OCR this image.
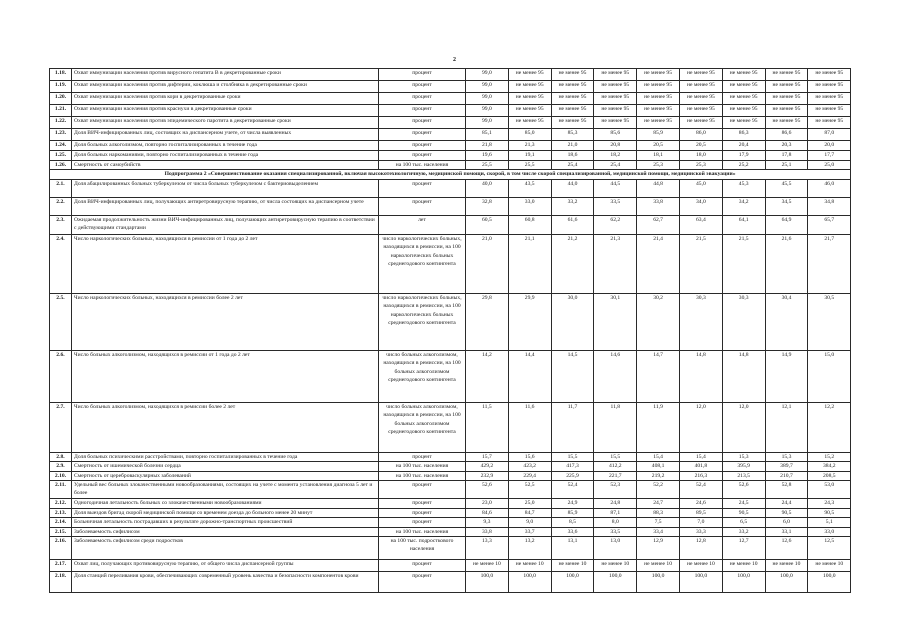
2
1.18.	Охват иммунизации населения против вирусного гепатита В в декретированные сроки	процент	99,0	не менее 95	не менее 95	не менее 95	не менее 95	не менее 95	не менее 95	не менее 95	не менее 95
1.19.	Охват иммунизации населения против дифтерии, коклюша и столбняка в декретированные сроки	процент	99,0	не менее 95	не менее 95	не менее 95	не менее 95	не менее 95	не менее 95	не менее 95	не менее 95
1.20.	Охват иммунизации населения против кори в декретированные сроки	процент	99,0	не менее 95	не менее 95	не менее 95	не менее 95	не менее 95	не менее 95	не менее 95	не менее 95
1.21.	Охват иммунизации населения против краснухи в декретированные сроки	процент	99,0	не менее 95	не менее 95	не менее 95	не менее 95	не менее 95	не менее 95	не менее 95	не менее 95
1.22.	Охват иммунизации населения против эпидемического паротита в декретированные сроки	процент	99,0	не менее 95	не менее 95	не менее 95	не менее 95	не менее 95	не менее 95	не менее 95	не менее 95
1.23.	Доля ВИЧ-инфицированных лиц, состоящих на диспансерном учете, от числа выявленных	процент	85,1	85,0	85,3	85,6	85,9	86,0	86,3	86,6	87,0
1.24.	Доля больных алкоголизмом, повторно госпитализированных в течение года	процент	21,8	21,3	21,0	20,8	20,5	20,5	20,4	20,3	20,0
1.25.	Доля больных наркоманиями, повторно госпитализированных в течение года	процент	19,6	19,1	18,6	18,2	18,1	18,0	17,9	17,8	17,7
1.26.	Смертность от самоубийств	на 100 тыс. населения	25,5	25,5	25,4	25,4	25,3	25,3	25,2	25,1	25,0
Подпрограмма 2 «Совершенствование оказания специализированной, включая высокотехнологичную, медицинской помощи, скорой, в том числе скорой специализированной, медицинской помощи, медицинской эвакуации»											
2.1.	Доля абацилированных больных туберкулезом от числа больных туберкулезом с бактериовыделением	процент	40,0	43,5	44,0	44,5	44,8	45,0	45,3	45,5	46,0
2.2.	Доля ВИЧ-инфицированных лиц, получающих антиретровирусную терапию, от числа состоящих на диспансерном учете	процент	32,8	33,0	33,2	33,5	33,8	34,0	34,2	34,5	34,8
2.3.	Ожидаемая продолжительность жизни ВИЧ-инфицированных лиц, получающих антиретровирусную терапию в соответствии с действующими стандартами	лет	60,5	60,8	61,6	62,2	62,7	63,4	64,1	64,9	65,7
2.4.	Число наркологических больных, находящихся в ремиссии от 1 года до 2 лет	число наркологических больных, находящихся в ремиссии, на 100 наркологических больных среднегодового контингента	21,0	21,1	21,2	21,3	21,4	21,5	21,5	21,6	21,7
2.5.	Число наркологических больных, находящихся в ремиссии более 2 лет	число наркологических больных, находящихся в ремиссии, на 100 наркологических больных среднегодового контингента	29,8	29,9	30,0	30,1	30,2	30,3	30,3	30,4	30,5
2.6.	Число больных алкоголизмом, находящихся в ремиссии от 1 года до 2 лет	число больных алкоголизмом, находящихся в ремиссии, на 100 больных алкоголизмом среднегодового контингента	14,2	14,4	14,5	14,6	14,7	14,8	14,8	14,9	15,0
2.7.	Число больных алкоголизмом, находящихся в ремиссии более 2 лет	число больных алкоголизмом, находящихся в ремиссии, на 100 больных алкоголизмом среднегодового контингента	11,5	11,6	11,7	11,8	11,9	12,0	12,0	12,1	12,2
2.8.	Доля больных психическими расстройствами, повторно госпитализированных в течение года	процент	15,7	15,6	15,5	15,5	15,4	15,4	15,3	15,3	15,2
2.9.	Смертность от ишемической болезни сердца	на 100 тыс. населения	429,2	423,2	417,3	412,2	408,1	401,8	395,9	389,7	384,2
2.10.	Смертность от цереброваскулярных заболеваний	на 100 тыс. населения	232,9	229,4	225,9	221,7	219,2	216,3	213,5	210,7	208,5
2.11.	Удельный вес больных злокачественными новообразованиями, состоящих на учете с момента установления диагноза 5 лет и более	процент	52,6	52,5	52,4	52,3	52,2	52,4	52,6	52,8	53,0
2.12.	Одногодичная летальность больных со злокачественными новообразованиями	процент	23,0	25,0	24,9	24,8	24,7	24,6	24,5	24,4	24,3
2.13.	Доля выездов бригад скорой медицинской помощи со временем доезда до больного менее 20 минут	процент	84,6	84,7	85,9	87,1	88,3	89,5	90,5	90,5	90,5
2.14.	Больничная летальность пострадавших в результате дорожно-транспортных происшествий	процент	9,3	9,0	8,5	8,0	7,5	7,0	6,5	6,0	5,1
2.15.	Заболеваемость сифилисом	на 100 тыс. населения	33,8	33,7	33,6	33,5	33,4	33,3	33,2	33,1	33,0
2.16.	Заболеваемость сифилисом среди подростков	на 100 тыс. подросткового населения	13,3	13,2	13,1	13,0	12,9	12,8	12,7	12,6	12,5
2.17.	Охват лиц, получающих противовирусную терапию, от общего числа диспансерной группы	процент	не менее 10	не менее 10	не менее 10	не менее 10	не менее 10	не менее 10	не менее 10	не менее 10	не менее 10
2.18.	Доля станций переливания крови, обеспечивающих современный уровень качества и безопасности компонентов крови	процент	100,0	100,0	100,0	100,0	100,0	100,0	100,0	100,0	100,0
